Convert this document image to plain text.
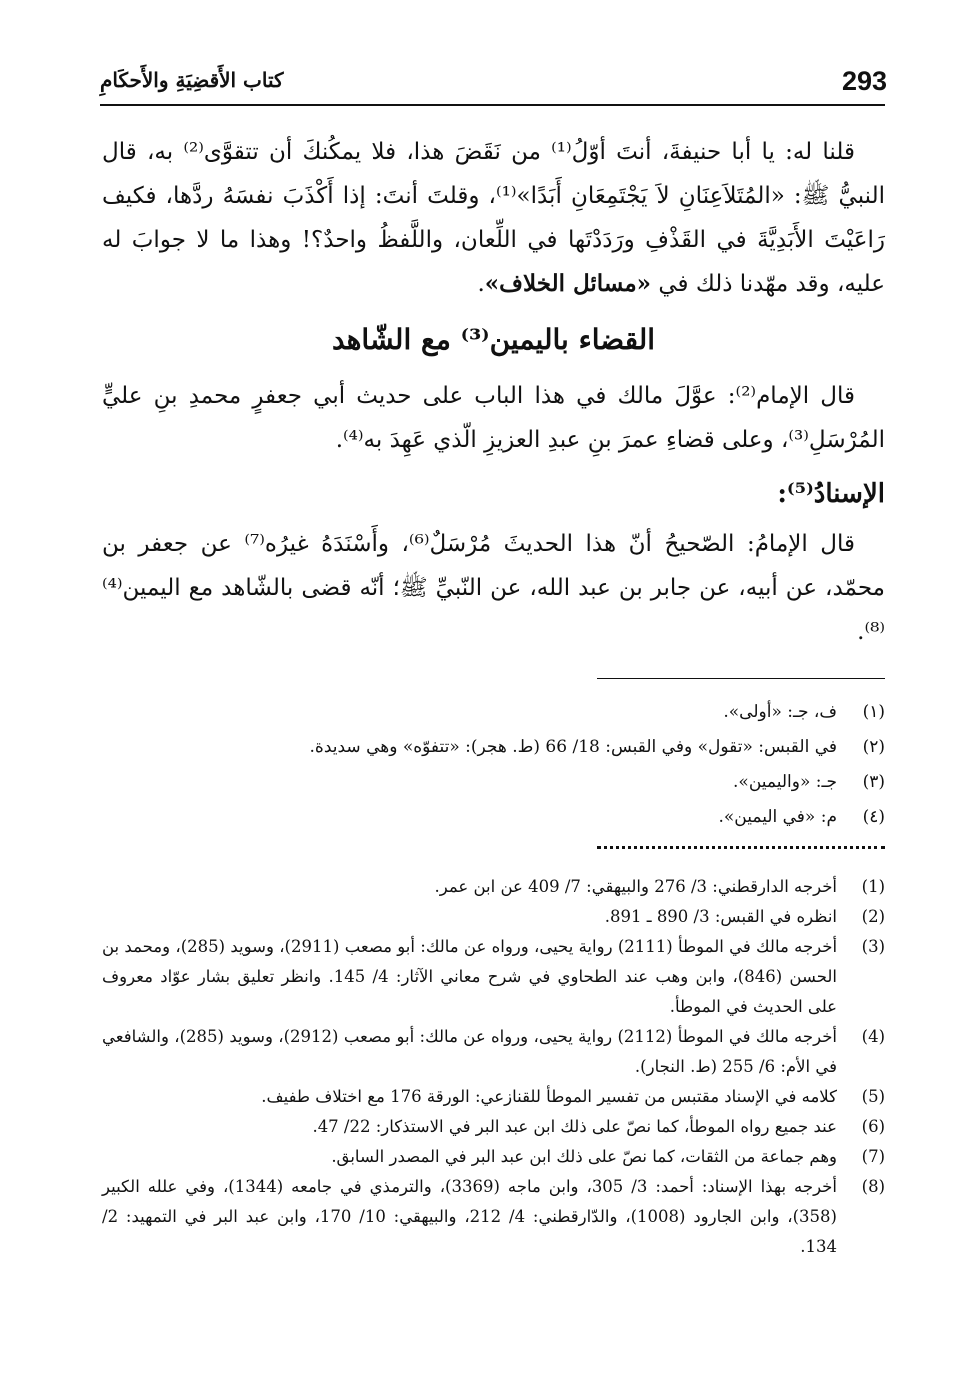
293
كتاب الأَقضِيَةِ والأَحكَامِ

قلنا له: يا أبا حنيفةَ، أنتَ أوّلُ⁽¹⁾ من نَقَضَ هذا، فلا يمكُنكَ أن تتقوَّى⁽²⁾ به، قال النبيُّ ﷺ: «المُتَلاَعِنَانِ لاَ يَجْتَمِعَانِ أَبَدًا»⁽¹⁾، وقلتَ أنتَ: إذا أَكْذَبَ نفسَهُ ردَّها، فكيف رَاعَيْتَ الأَبَدِيَّةَ في القَذْفِ ورَدَدْتَها في اللِّعان، واللَّفظُ واحدٌ؟! وهذا ما لا جوابَ له عليه، وقد مهّدنا ذلك في «مسائل الخلاف».

القضاء باليمين⁽³⁾ مع الشّاهد

قال الإمام⁽²⁾: عوَّلَ مالك في هذا الباب على حديث أبي جعفرٍ محمدِ بنِ عليٍّ المُرْسَلِ⁽³⁾، وعلى قضاءِ عمرَ بنِ عبدِ العزيزِ الّذي عَهِدَ به⁽⁴⁾.

الإسنادُ⁽⁵⁾:

قال الإمامُ: الصّحيحُ أنّ هذا الحديثَ مُرْسَلٌ⁽⁶⁾، وأَسْنَدَهُ غيرُه⁽⁷⁾ عن جعفر بن محمّد، عن أبيه، عن جابر بن عبد الله، عن النّبيِّ ﷺ؛ أنّه قضى بالشّاهد مع اليمين⁽⁴⁾⁽⁸⁾.

(١)
ف، جـ: «أولى».
(٢)
في القبس: «تقول» وفي القبس: 18/ 66 (ط. هجر): «تتفوّه» وهي سديدة.
(٣)
جـ: «واليمين».
(٤)
م: «في اليمين».
(1)
أخرجه الدارقطني: 3/ 276 والبيهقي: 7/ 409 عن ابن عمر.
(2)
انظره في القبس: 3/ 890 ـ 891.
(3)
أخرجه مالك في الموطأ (2111) رواية يحيى، ورواه عن مالك: أبو مصعب (2911)، وسويد (285)، ومحمد بن الحسن (846)، وابن وهب عند الطحاوي في شرح معاني الآثار: 4/ 145. وانظر تعليق بشار عوّاد معروف على الحديث في الموطأ.
(4)
أخرجه مالك في الموطأ (2112) رواية يحيى، ورواه عن مالك: أبو مصعب (2912)، وسويد (285)، والشافعي في الأم: 6/ 255 (ط. النجار).
(5)
كلامه في الإسناد مقتبس من تفسير الموطأ للقنازعي: الورقة 176 مع اختلاف طفيف.
(6)
عند جميع رواه الموطأ، كما نصّ على ذلك ابن عبد البر في الاستذكار: 22/ 47.
(7)
وهم جماعة من الثقات، كما نصّ على ذلك ابن عبد البر في المصدر السابق.
(8)
أخرجه بهذا الإسناد: أحمد: 3/ 305، وابن ماجه (3369)، والترمذي في جامعه (1344)، وفي علله الكبير (358)، وابن الجارود (1008)، والدّارقطني: 4/ 212، والبيهقي: 10/ 170، وابن عبد البر في التمهيد: 2/ 134.
